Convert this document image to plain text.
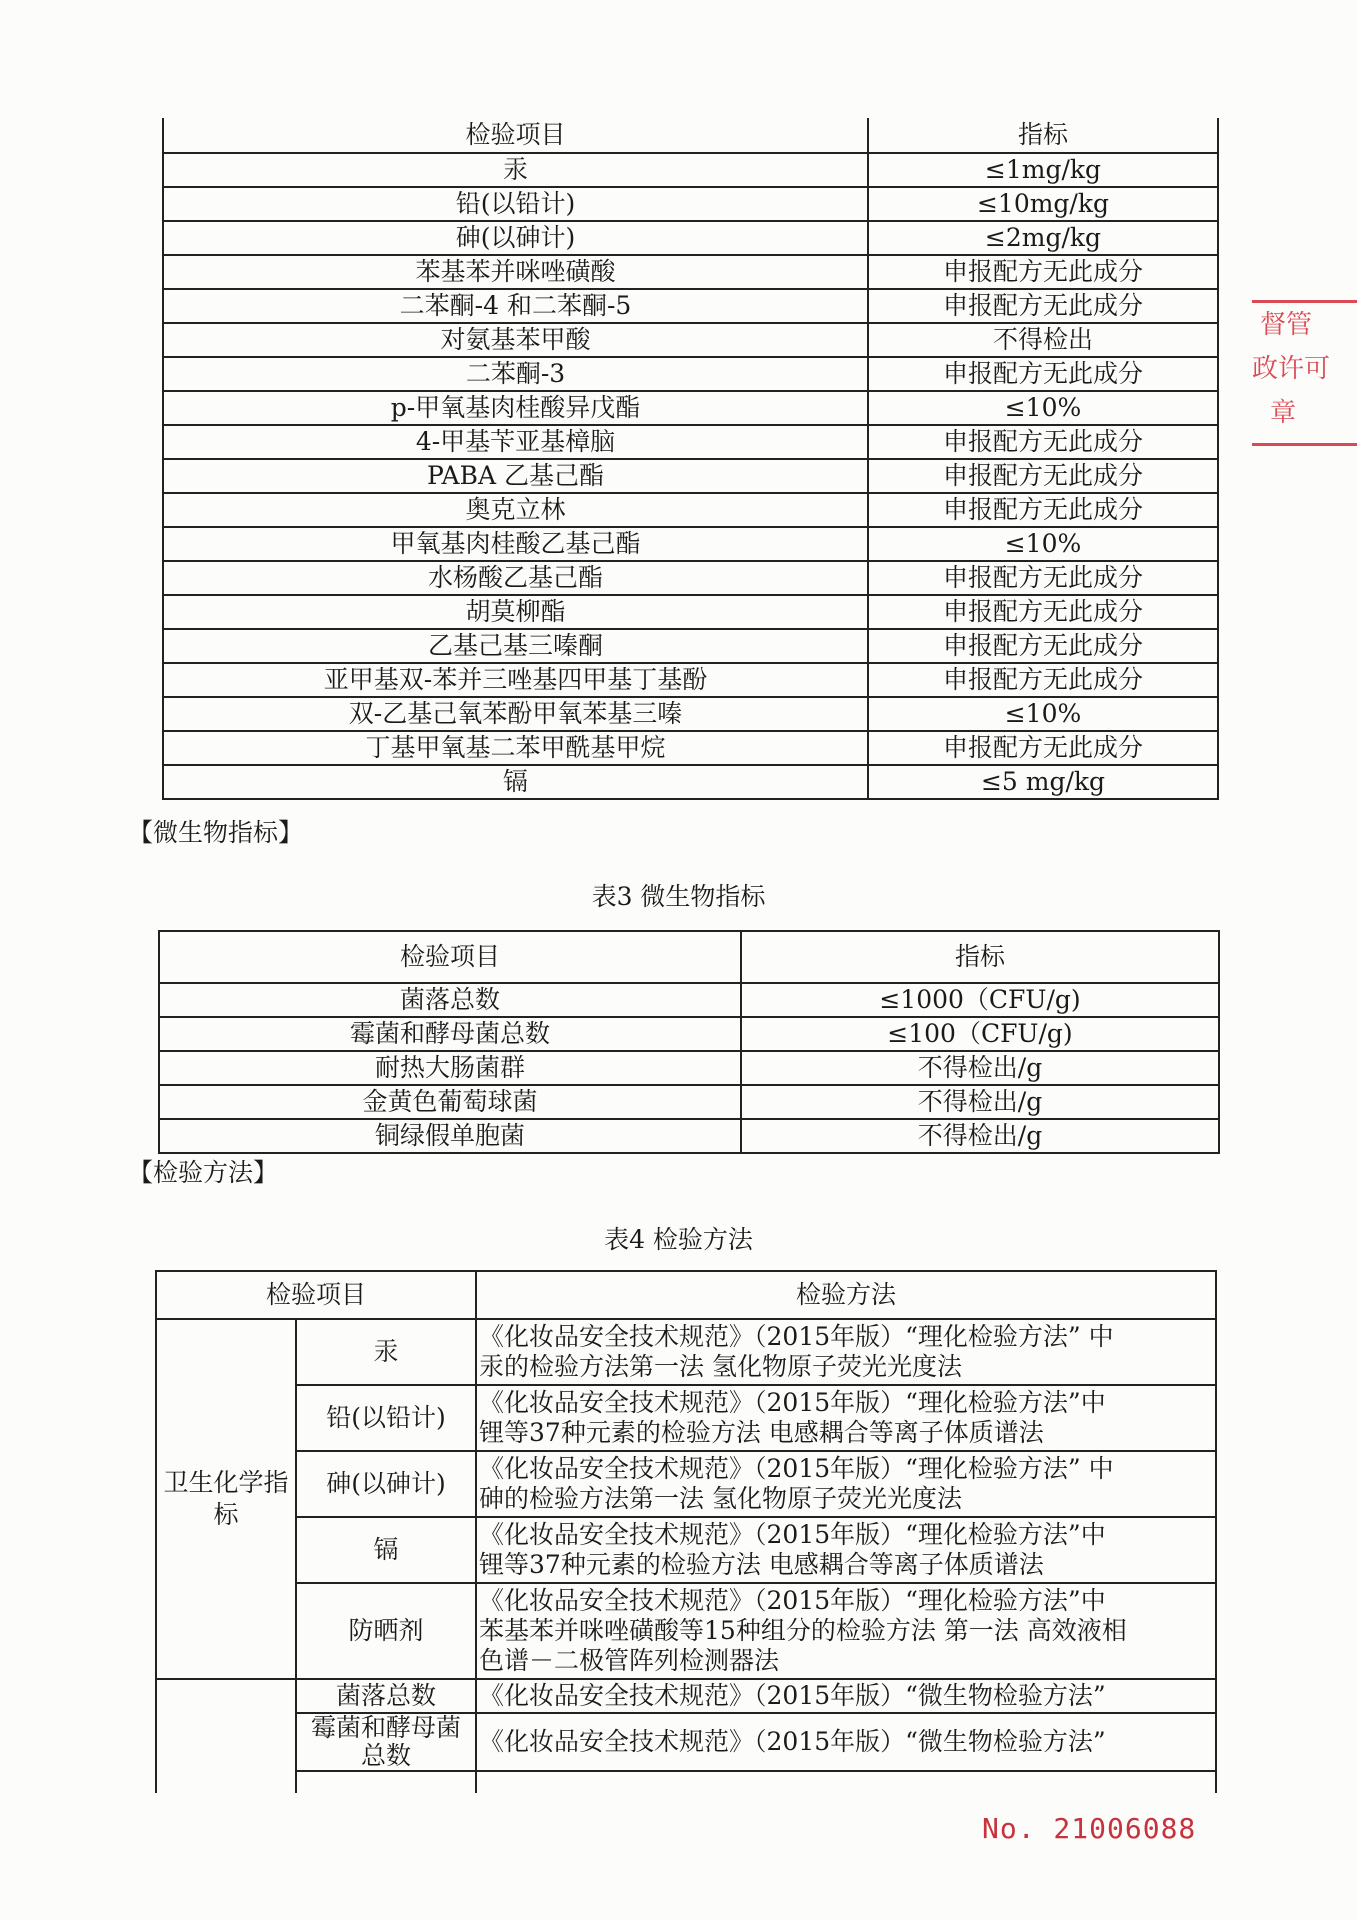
检验项目	指标
汞	≤1mg/kg
铅(以铅计)	≤10mg/kg
砷(以砷计)	≤2mg/kg
苯基苯并咪唑磺酸	申报配方无此成分
二苯酮-4 和二苯酮-5	申报配方无此成分
对氨基苯甲酸	不得检出
二苯酮-3	申报配方无此成分
p-甲氧基肉桂酸异戊酯	≤10%
4-甲基苄亚基樟脑	申报配方无此成分
PABA 乙基己酯	申报配方无此成分
奥克立林	申报配方无此成分
甲氧基肉桂酸乙基己酯	≤10%
水杨酸乙基己酯	申报配方无此成分
胡莫柳酯	申报配方无此成分
乙基己基三嗪酮	申报配方无此成分
亚甲基双-苯并三唑基四甲基丁基酚	申报配方无此成分
双-乙基己氧苯酚甲氧苯基三嗪	≤10%
丁基甲氧基二苯甲酰基甲烷	申报配方无此成分
镉	≤5 mg/kg
【微生物指标】
表3 微生物指标
检验项目	指标
菌落总数	≤1000（CFU/g)
霉菌和酵母菌总数	≤100（CFU/g)
耐热大肠菌群	不得检出/g
金黄色葡萄球菌	不得检出/g
铜绿假单胞菌	不得检出/g
【检验方法】
表4 检验方法
检验项目		检验方法
卫生化学指标	汞	《化妆品安全技术规范》（2015年版）“理化检验方法” 中
汞的检验方法第一法 氢化物原子荧光光度法

	铅(以铅计)	《化妆品安全技术规范》（2015年版）“理化检验方法”中
锂等37种元素的检验方法 电感耦合等离子体质谱法

	砷(以砷计)	《化妆品安全技术规范》（2015年版）“理化检验方法” 中
砷的检验方法第一法 氢化物原子荧光光度法

	镉	《化妆品安全技术规范》（2015年版）“理化检验方法”中
锂等37种元素的检验方法 电感耦合等离子体质谱法

	防晒剂	《化妆品安全技术规范》（2015年版）“理化检验方法”中
苯基苯并咪唑磺酸等15种组分的检验方法 第一法 高效液相
色谱－二极管阵列检测器法

	菌落总数	《化妆品安全技术规范》（2015年版）“微生物检验方法”

	霉菌和酵母菌总数	《化妆品安全技术规范》（2015年版）“微生物检验方法”

督管
政许可
章
No. 21006088
